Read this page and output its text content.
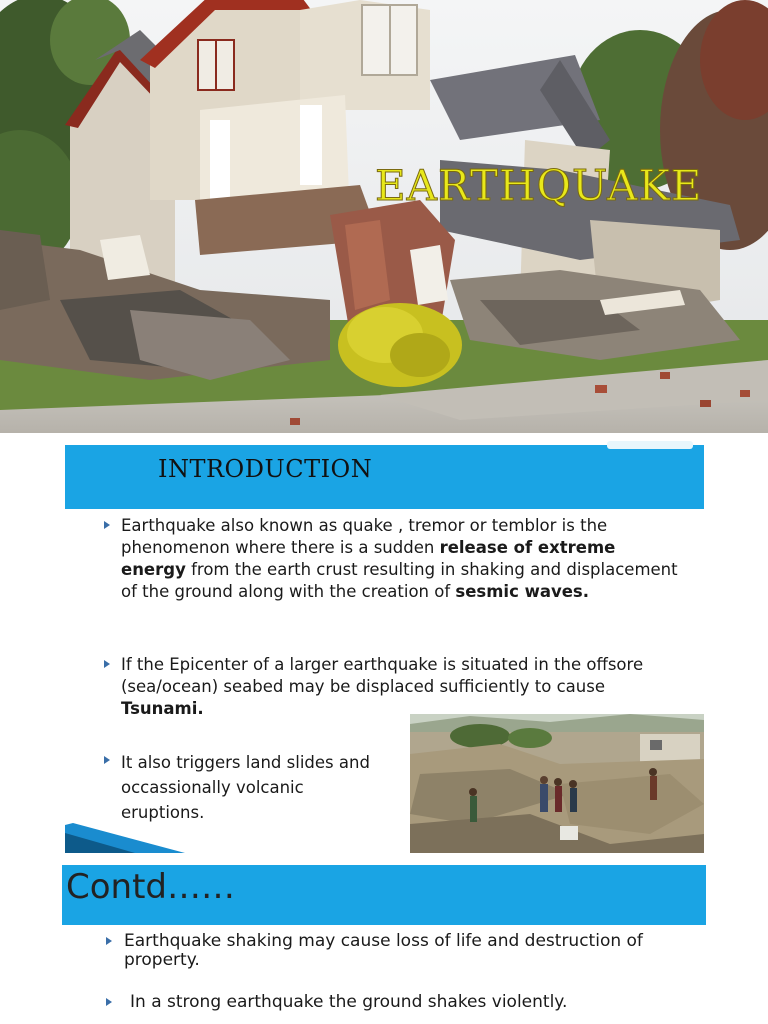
EARTHQUAKE
INTRODUCTION
Earthquake also known as quake , tremor or temblor is the phenomenon where there is a sudden release of extreme energy from the earth crust resulting in shaking and displacement of the ground along with the creation of sesmic waves.
If the Epicenter of a larger earthquake is situated in the offsore (sea/ocean) seabed may be displaced sufficiently to cause Tsunami.
It also triggers land slides and occassionally volcanic eruptions.
Contd……
Earthquake shaking may cause loss of life and destruction of property.
In a strong earthquake the ground shakes violently.
